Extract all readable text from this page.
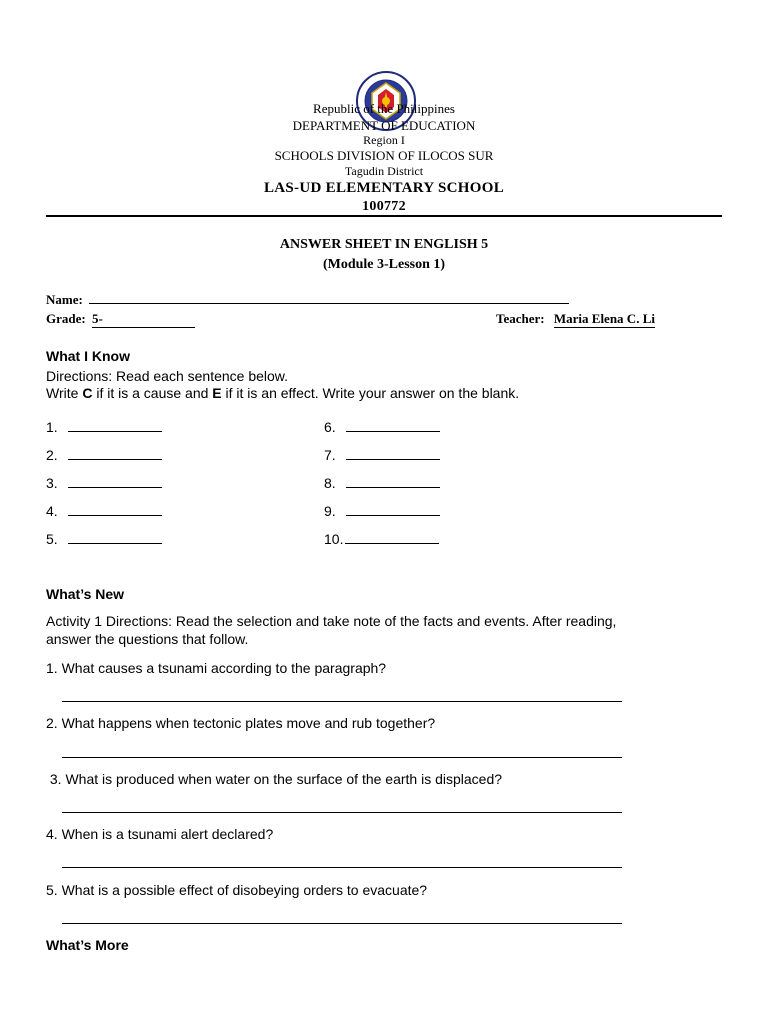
Republic of the Philippines
DEPARTMENT OF EDUCATION
Region I
SCHOOLS DIVISION OF ILOCOS SUR
Tagudin District
LAS-UD ELEMENTARY SCHOOL
100772
ANSWER SHEET IN ENGLISH 5
(Module 3-Lesson 1)
Name:
Grade: 5-	Teacher: Maria Elena C. Li
What I Know
Directions: Read each sentence below.
Write C if it is a cause and E if it is an effect. Write your answer on the blank.
1.
2.
3.
4.
5.
6.
7.
8.
9.
10.
What’s New
Activity 1 Directions: Read the selection and take note of the facts and events. After reading,
answer the questions that follow.
1. What causes a tsunami according to the paragraph?
2. What happens when tectonic plates move and rub together?
3. What is produced when water on the surface of the earth is displaced?
4. When is a tsunami alert declared?
5. What is a possible effect of disobeying orders to evacuate?
What’s More
